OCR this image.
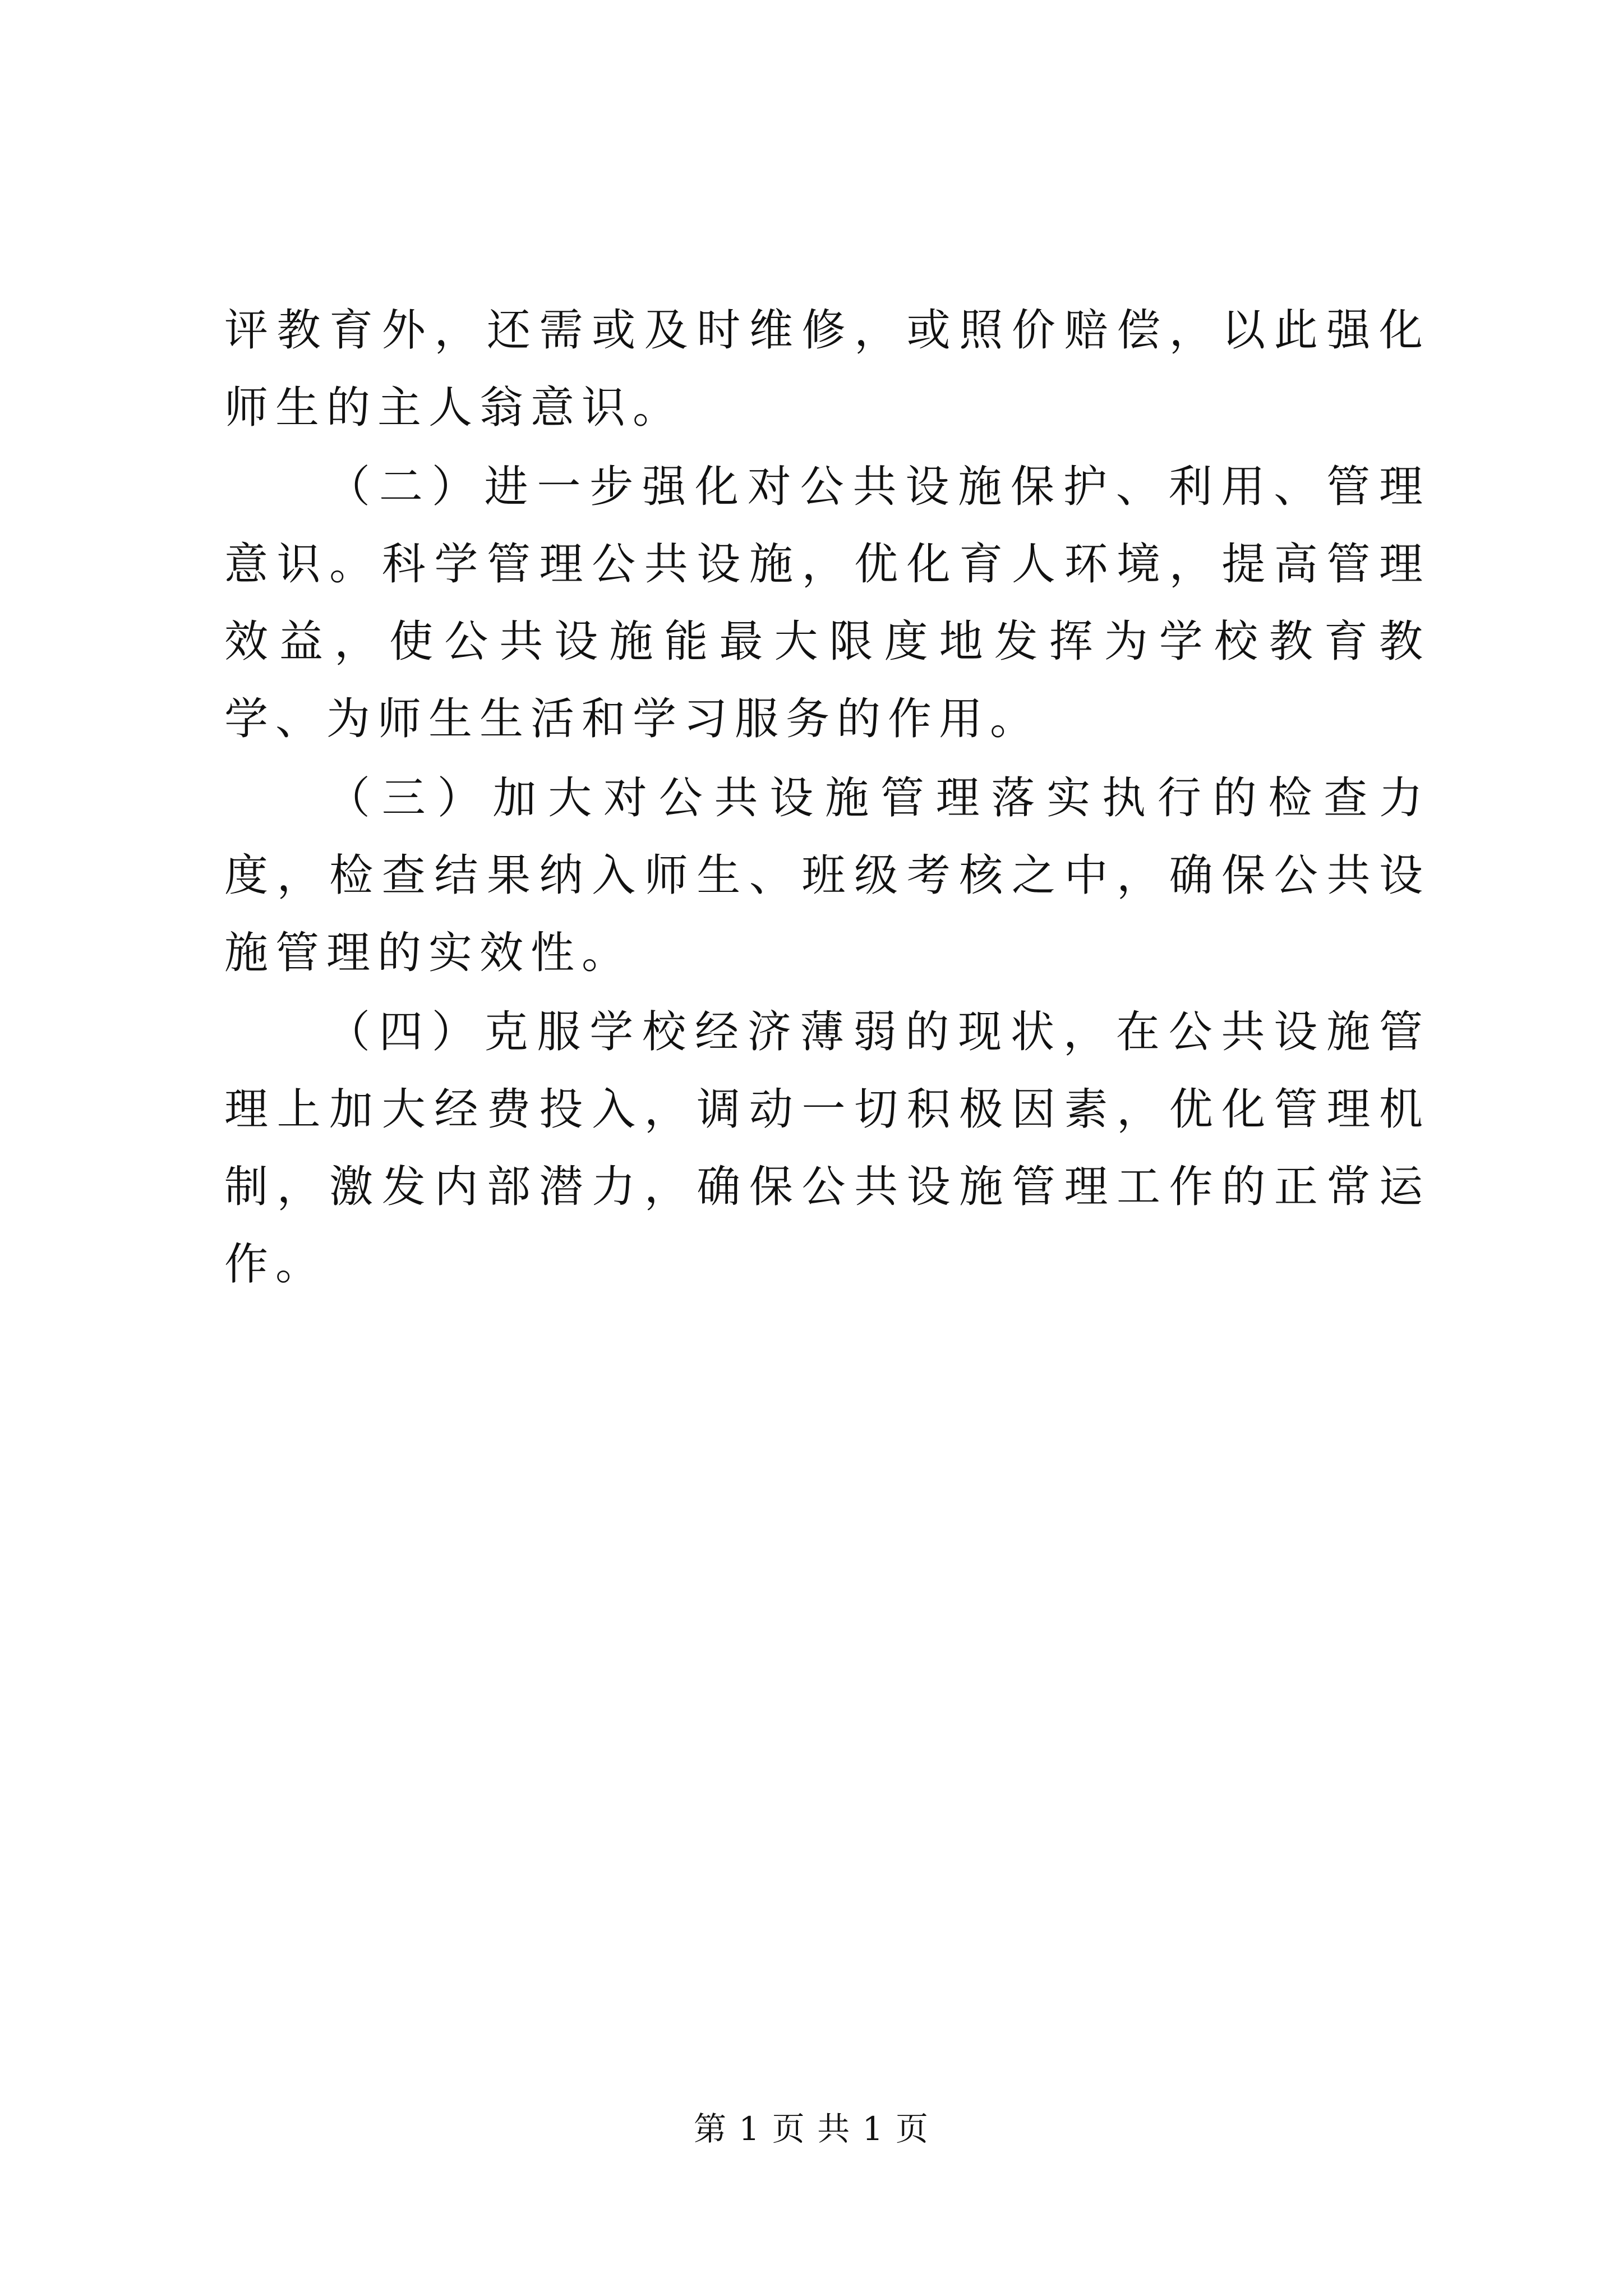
评教育外，还需或及时维修，或照价赔偿，以此强化师生的主人翁意识。

（二）进一步强化对公共设施保护、利用、管理意识。科学管理公共设施，优化育人环境，提高管理效益，使公共设施能最大限度地发挥为学校教育教学、为师生生活和学习服务的作用。

（三）加大对公共设施管理落实执行的检查力度，检查结果纳入师生、班级考核之中，确保公共设施管理的实效性。

（四）克服学校经济薄弱的现状，在公共设施管理上加大经费投入，调动一切积极因素，优化管理机制，激发内部潜力，确保公共设施管理工作的正常运作。

第 1 页 共 1 页
